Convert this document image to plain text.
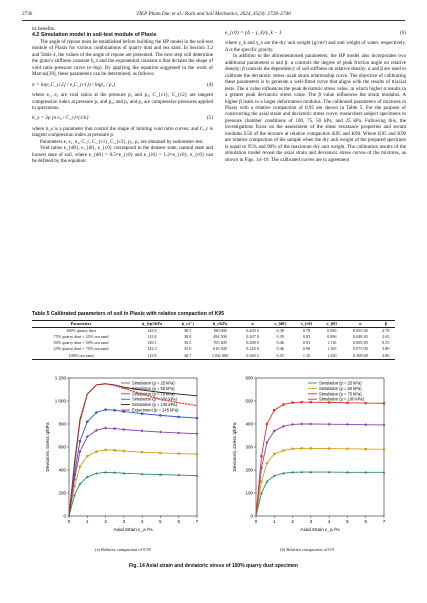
2736	TIEP Pham Duc et al./ Rock and Soil Mechanics, 2024, 45(9): 2728–2740

its benefits.

4.2 Simulation model in soil-test module of Plaxis

The angle of repose must be established before building the HP model in the soil-test module of Plaxis for various combinations of quarry dust and sea sand. In Section 3.2 and Table 4, the values of the angle of repose are presented. The next step will determine the grain’s stiffness constant h_s and the exponential constant n that dictates the shape of void ratio–pressure curve (e–lnp). By applying the equation suggested in the work of Marcus[39], these parameters can be determined, as follows:

n = ln(e₁C_{c2} / e₂C_{c1}) / ln(p₂ / p₁)	(4)

where e₁, e₂ are void ratios at the pressure p₁ and p₂; C_{c1}, C_{c2} are tangent compression index at pressure p₁ and p₂; and p₁ and p₂ are compressive pressures applied to specimens.

h_s = 3p (n e₀ / C_c)^{1/n}	(5)

where h_s is a parameter that control the shape of limiting void ratio curves; and C_c is tangent compression index at pressure p.

Parameters e, e₁, e₂, C_c, C_{c1}, C_{c2}, p₁, p₂ are obtained by oedometer test.

Void ratios e_{d0}, e_{i0}, e_{c0} correspond to the densest state, natural state and loosest state of soil, where e_{d0} = 0.5×e_{c0} and e_{i0} = 1.2×e_{c0}, e_{c0} can be defined by the equation:

e_{c0} = (Δ − γ_k)/γ_k − 1	(6)

where γ_k and γ_s are the dry unit weight (g/cm³) and unit weight of water, respectively. Δ is the specific gravity.

In addition to the aforementioned parameters, the HP model also incorporates two additional parameters α and β. α controls the degree of peak friction angle on relative density; β controls the dependency of soil stiffness on relative density. α and β are used to calibrate the deviatoric stress–axial strain relationship curve. The objective of calibrating these parameters is to generate a well-fitted curve that aligns with the results of triaxial tests. The α value influences the peak deviatoric stress value, in which higher α results in a greater peak deviatoric stress value. The β value influences the strain modulus. A higher β leads to a larger deformation modulus. The calibrated parameters of mixtures in Plaxis with a relative compaction of 0.95 are shown in Table 5. For the purpose of constructing the axial strain and deviatoric stress curve, researchers subject specimens to pressure chamber conditions of 100, 75, 50 kPa, and 25 kPa. Following this, the investigations focus on the assessment of the shear resistance properties and secant modulus E50 of the mixture at relative compaction K95 and K90. Where K95 and K90 are relative compaction of the sample when the dry unit weight of the prepared specimen is equal to 95% and 90% of the maximum dry unit weight. The calibration results of the simulation model reveal the axial strain and deviatoric stress curves of the mixtures, as shown in Figs. 14–18. The calibrated curves are in agreement

Table 5 Calibrated parameters of soil in Plaxis with relative compaction of K95
Parameters	ϕ_{ep}/kPa	ϕ_c/(°)	h_s/kPa	n	e_{d0}	e_{c0}	e_{i0}	α	β
100% quarry dust	145.0	38.5	180 000	0.450 0	0.38	0.78	0.956	0.055 00	2.78
75% quarry dust + 25% sea sand	115.8	38.0	494 500	0.307 0	0.39	0.83	0.996	0.048 20	2.65
50% quarry dust + 50% sea sand	149.1	36.5	765 400	0.280 0	0.46	0.93	1.116	0.005 80	0.55
25% quarry dust + 75% sea sand	142.3	35.0	610 500	0.220 0	0.46	0.98	1.165	0.075 00	3.80
100% sea sand	115.8	30.7	3 041 000	0.360 5	0.55	1.10	1.320	0.300 00	2.80
0	1	2	3	4	5	6	7
0
200
400
600
800
1 000
1 200
Axial strain ε_a /%
Deviatoric stress q/kPa
Simulation (p = 25 kPa)
Simulation (p = 50 kPa)
Simulation (p = 75 kPa)
Simulation (p = 100 kPa)
Simulation (p = 145 kPa)
Experiment (p = 145 kPa)
0	1	2	3	4	5	6	7
0
100
200
300
400
500
600
Axial strain ε_a /%
Deviatoric stress q/kPa
Simulation (p = 25 kPa)
Simulation (p = 50 kPa)
Simulation (p = 75 kPa)
Simulation (p = 100 kPa)
(a) Relative compaction of 0.95	(b) Relative compaction of 0.9
Fig. 14 Axial strain and deviatoric stress of 100% quarry dust specimen
